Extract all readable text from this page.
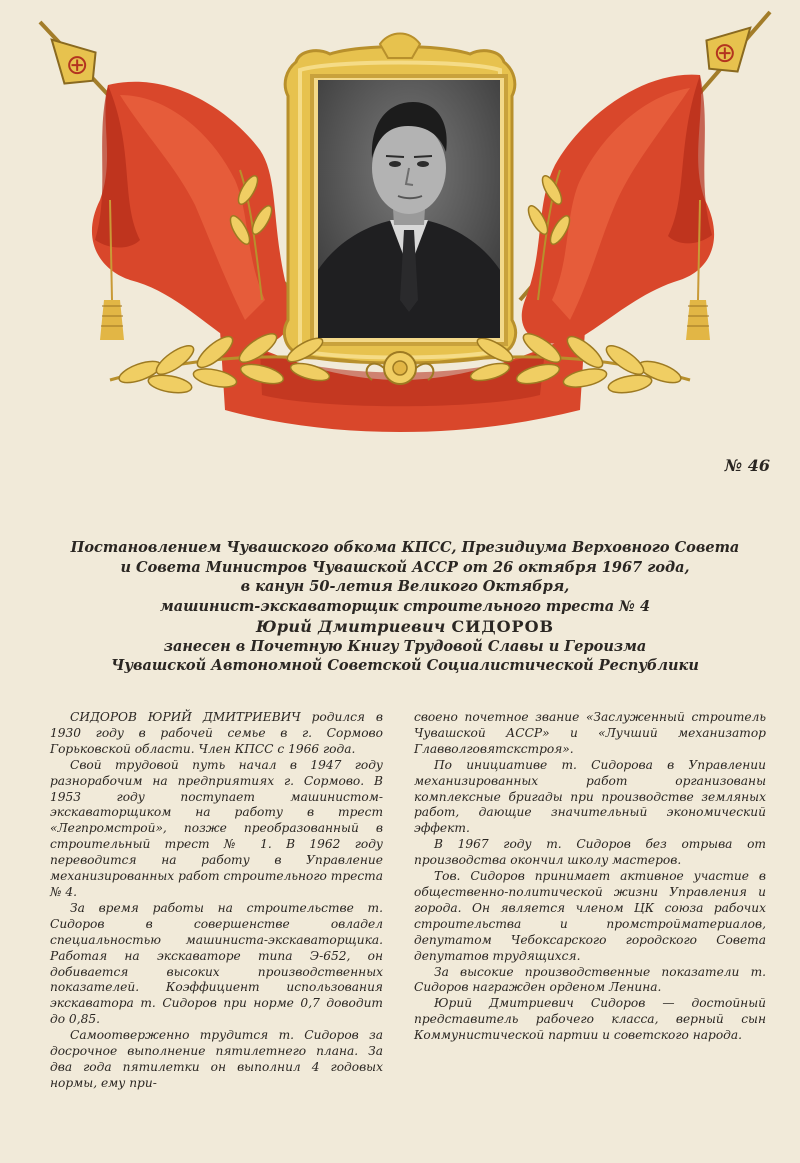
№ 46
Постановлением Чувашского обкома КПСС, Президиума Верховного Совета
и Совета Министров Чувашской АССР от 26 октября 1967 года,
в канун 50-летия Великого Октября,
машинист-экскаваторщик строительного треста № 4
Юрий Дмитриевич СИДОРОВ
занесен в Почетную Книгу Трудовой Славы и Героизма
Чувашской Автономной Советской Социалистической Республики

СИДОРОВ ЮРИЙ ДМИТРИЕВИЧ родился в 1930 году в рабочей семье в г. Сормово Горьковской области. Член КПСС с 1966 года.

Свой трудовой путь начал в 1947 году разнорабочим на предприятиях г. Сормово. В 1953 году поступает машинистом-экскаваторщиком на работу в трест «Легпромстрой», позже преобразованный в строительный трест № 1. В 1962 году переводится на работу в Управление механизированных работ строительного треста № 4.

За время работы на строительстве т. Сидоров в совершенстве овладел специальностью машиниста-экскаваторщика. Работая на экскаваторе типа Э-652, он добивается высоких производственных показателей. Коэффициент использования экскаватора т. Сидоров при норме 0,7 доводит до 0,85.

Самоотверженно трудится т. Сидоров за досрочное выполнение пятилетнего плана. За два года пятилетки он выполнил 4 годовых нормы, ему при-

своено почетное звание «Заслуженный строитель Чувашской АССР» и «Лучший механизатор Главволговятскстроя».

По инициативе т. Сидорова в Управлении механизированных работ организованы комплексные бригады при производстве земляных работ, дающие значительный экономический эффект.

В 1967 году т. Сидоров без отрыва от производства окончил школу мастеров.

Тов. Сидоров принимает активное участие в общественно-политической жизни Управления и города. Он является членом ЦК союза рабочих строительства и промстройматериалов, депутатом Чебоксарского городского Совета депутатов трудящихся.

За высокие производственные показатели т. Сидоров награжден орденом Ленина.

Юрий Дмитриевич Сидоров — достойный представитель рабочего класса, верный сын Коммунистической партии и советского народа.
